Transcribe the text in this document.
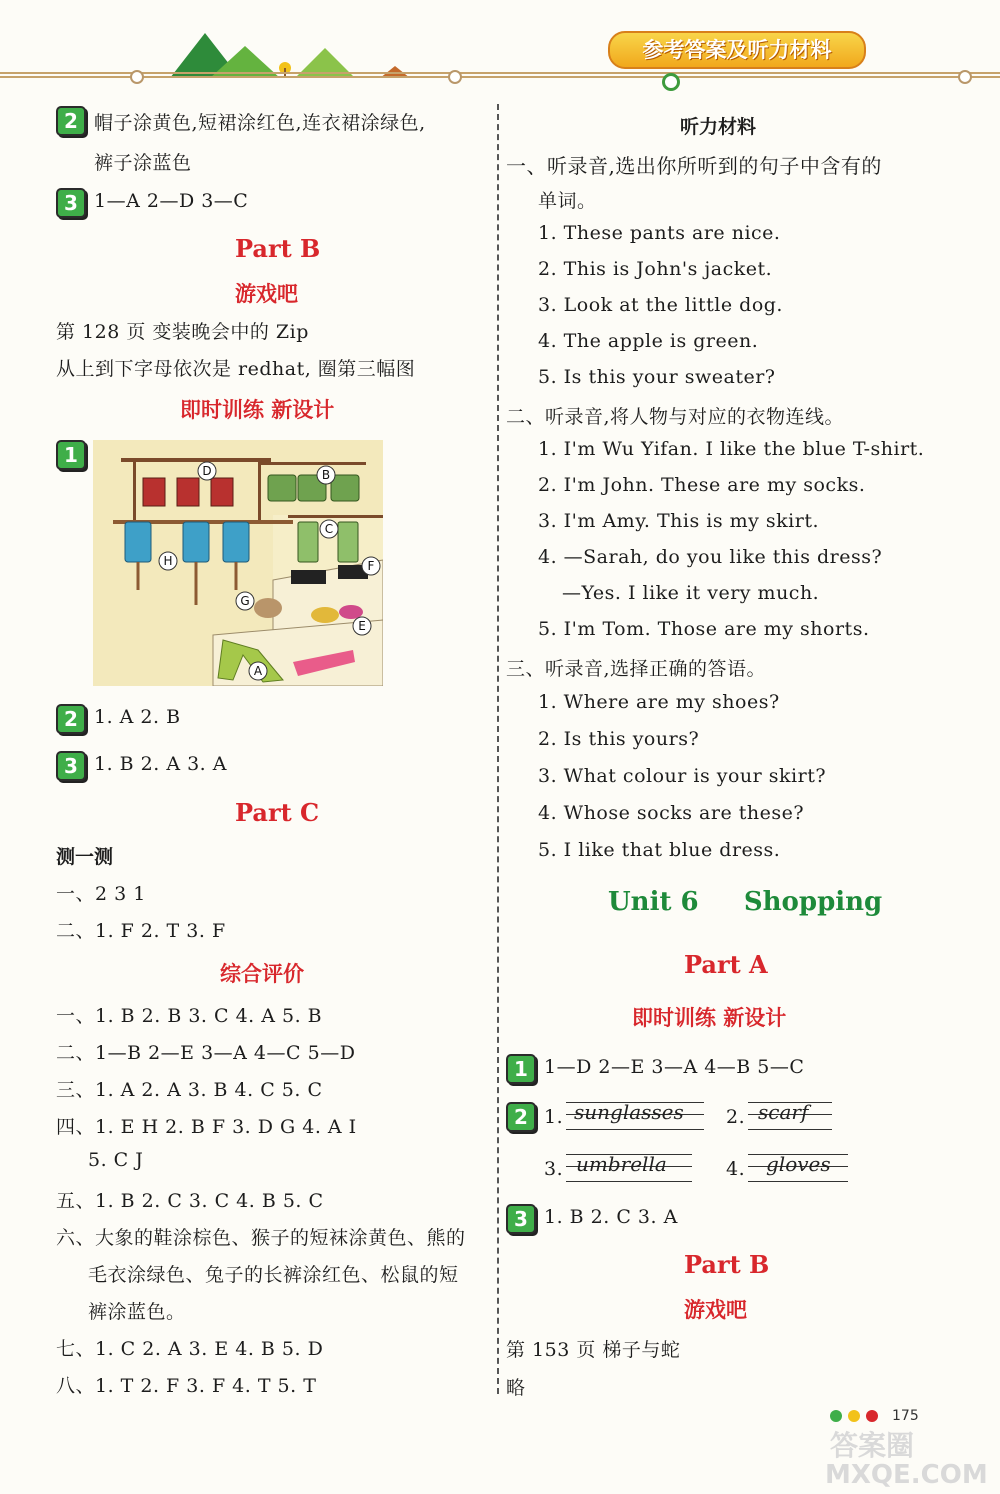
参考答案及听力材料
2 帽子涂黄色,短裙涂红色,连衣裙涂绿色,
裤子涂蓝色
3 1—A 2—D 3—C
Part B
游戏吧
第 128 页 变装晚会中的 Zip
从上到下字母依次是 redhat, 圈第三幅图
即时训练 新设计
1
D	B
C
F
H
G
E
A
2 1. A 2. B
3 1. B 2. A 3. A
Part C
测一测
一、2 3 1
二、1. F 2. T 3. F
综合评价
一、1. B 2. B 3. C 4. A 5. B
二、1—B 2—E 3—A 4—C 5—D
三、1. A 2. A 3. B 4. C 5. C
四、1. E H 2. B F 3. D G 4. A I
5. C J
五、1. B 2. C 3. C 4. B 5. C
六、大象的鞋涂棕色、猴子的短袜涂黄色、熊的
毛衣涂绿色、兔子的长裤涂红色、松鼠的短
裤涂蓝色。
七、1. C 2. A 3. E 4. B 5. D
八、1. T 2. F 3. F 4. T 5. T
听力材料
一、听录音,选出你所听到的句子中含有的
单词。
1. These pants are nice.
2. This is John's jacket.
3. Look at the little dog.
4. The apple is green.
5. Is this your sweater?
二、听录音,将人物与对应的衣物连线。
1. I'm Wu Yifan. I like the blue T-shirt.
2. I'm John. These are my socks.
3. I'm Amy. This is my skirt.
4. —Sarah, do you like this dress?
—Yes. I like it very much.
5. I'm Tom. Those are my shorts.
三、听录音,选择正确的答语。
1. Where are my shoes?
2. Is this yours?
3. What colour is your skirt?
4. Whose socks are these?
5. I like that blue dress.
Unit 6     Shopping
Part A
即时训练 新设计
1 1—D 2—E 3—A 4—B 5—C
2 1. sunglasses 2. scarf
3. umbrella	4. gloves
3 1. B 2. C 3. A
Part B
游戏吧
第 153 页 梯子与蛇
略
175
答案圈
MXQE.COM
